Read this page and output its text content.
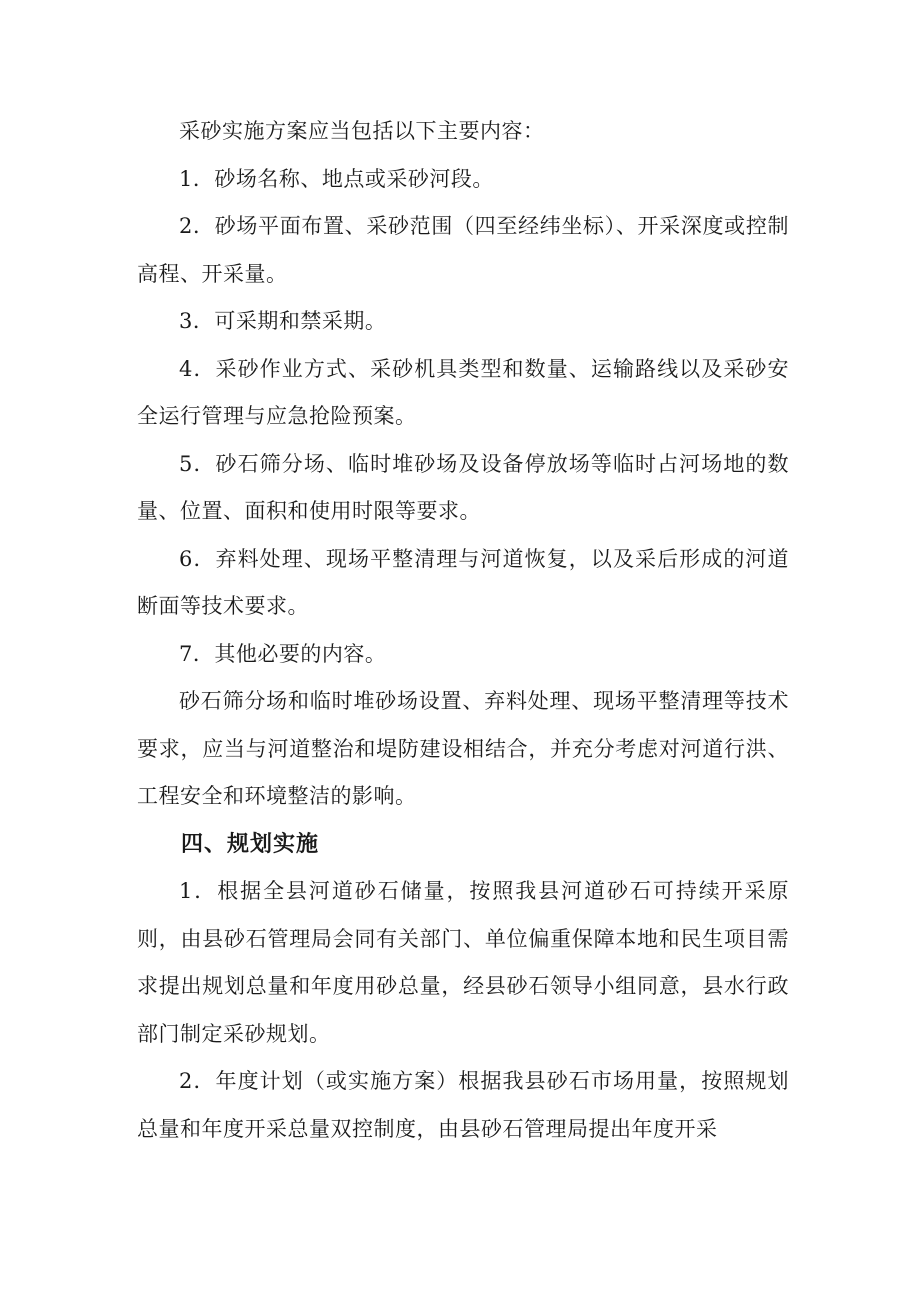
采砂实施方案应当包括以下主要内容：

1．砂场名称、地点或采砂河段。

2．砂场平面布置、采砂范围（四至经纬坐标）、开采深度或控制高程、开采量。

3．可采期和禁采期。

4．采砂作业方式、采砂机具类型和数量、运输路线以及采砂安全运行管理与应急抢险预案。

5．砂石筛分场、临时堆砂场及设备停放场等临时占河场地的数量、位置、面积和使用时限等要求。

6．弃料处理、现场平整清理与河道恢复，以及采后形成的河道断面等技术要求。

7．其他必要的内容。

砂石筛分场和临时堆砂场设置、弃料处理、现场平整清理等技术要求，应当与河道整治和堤防建设相结合，并充分考虑对河道行洪、工程安全和环境整洁的影响。

四、规划实施

1．根据全县河道砂石储量，按照我县河道砂石可持续开采原则，由县砂石管理局会同有关部门、单位偏重保障本地和民生项目需求提出规划总量和年度用砂总量，经县砂石领导小组同意，县水行政部门制定采砂规划。

2．年度计划（或实施方案）根据我县砂石市场用量，按照规划总量和年度开采总量双控制度，由县砂石管理局提出年度开采
